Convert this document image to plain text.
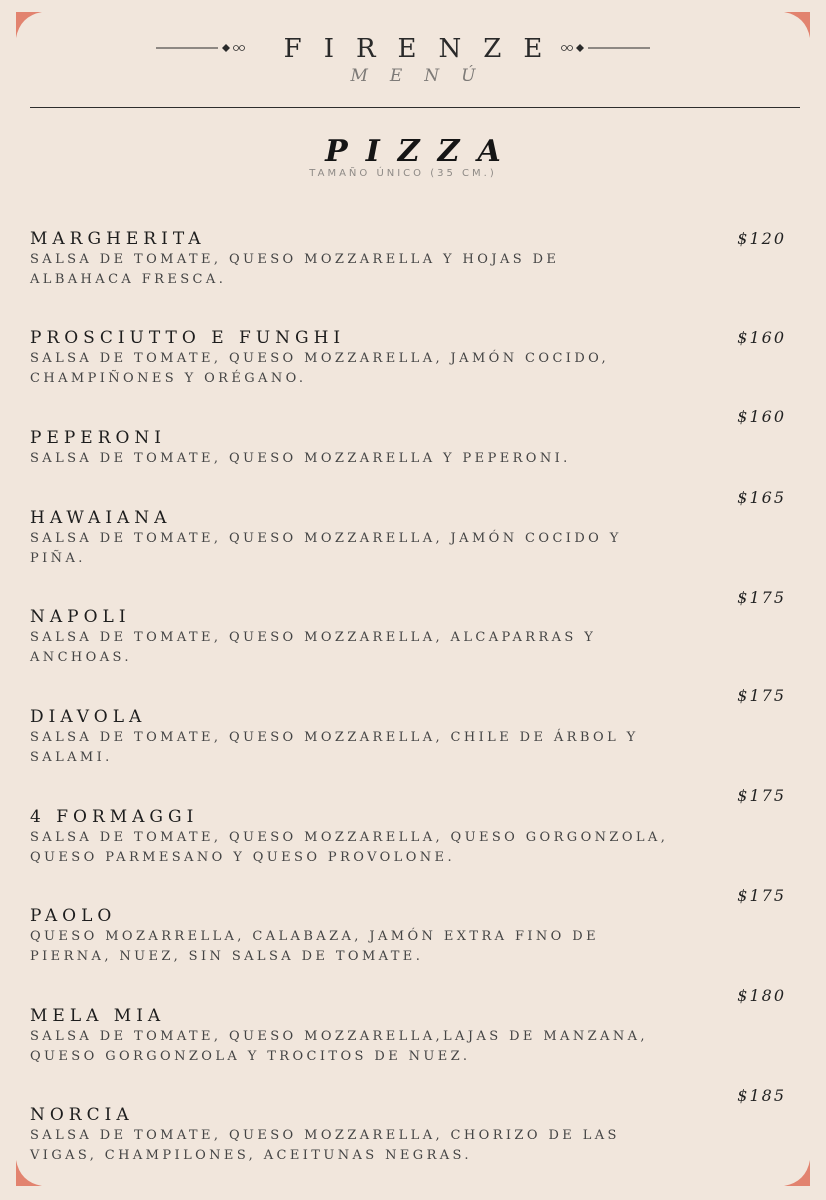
FIRENZE
MENÚ
PIZZA
TAMAÑO ÚNICO (35 CM.)
MARGHERITA
SALSA DE TOMATE, QUESO MOZZARELLA Y HOJAS DE ALBAHACA FRESCA.
$120
PROSCIUTTO E FUNGHI
SALSA DE TOMATE, QUESO MOZZARELLA, JAMÓN COCIDO, CHAMPIÑONES Y ORÉGANO.
$160
PEPERONI
SALSA DE TOMATE, QUESO MOZZARELLA Y PEPERONI.
$160
HAWAIANA
SALSA DE TOMATE, QUESO MOZZARELLA, JAMÓN COCIDO Y PIÑA.
$165
NAPOLI
SALSA DE TOMATE, QUESO MOZZARELLA, ALCAPARRAS Y ANCHOAS.
$175
DIAVOLA
SALSA DE TOMATE, QUESO MOZZARELLA, CHILE DE ÁRBOL Y SALAMI.
$175
4 FORMAGGI
SALSA DE TOMATE, QUESO MOZZARELLA, QUESO GORGONZOLA, QUESO PARMESANO Y QUESO PROVOLONE.
$175
PAOLO
QUESO MOZARRELLA, CALABAZA, JAMÓN EXTRA FINO DE PIERNA, NUEZ, SIN SALSA DE TOMATE.
$175
MELA MIA
SALSA DE TOMATE, QUESO MOZZARELLA,LAJAS DE MANZANA, QUESO GORGONZOLA Y TROCITOS DE NUEZ.
$180
NORCIA
SALSA DE TOMATE, QUESO MOZZARELLA, CHORIZO DE LAS VIGAS, CHAMPILONES, ACEITUNAS NEGRAS.
$185
